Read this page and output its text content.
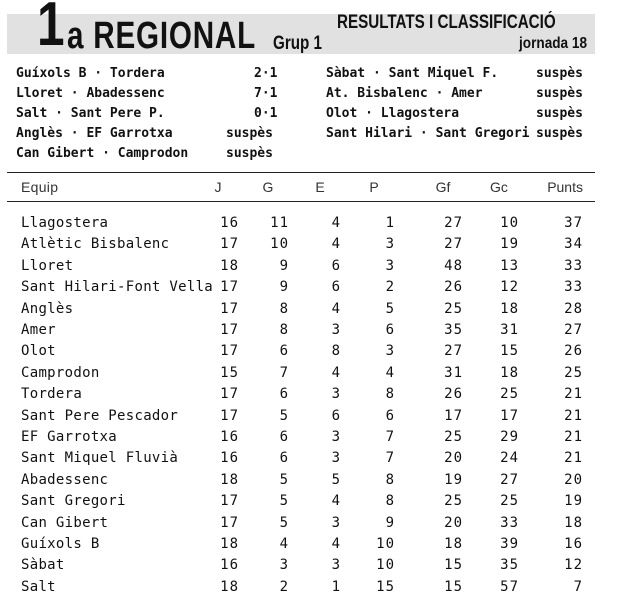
1 a REGIONAL Grup 1
RESULTATS I CLASSIFICACIÓ
jornada 18
Guíxols B · Tordera	2·1
Lloret · Abadessenc	7·1
Salt · Sant Pere P.	0·1
Anglès · EF Garrotxa	suspès
Can Gibert · Camprodon	suspès
Sàbat · Sant Miquel F.	suspès
At. Bisbalenc · Amer	suspès
Olot · Llagostera	suspès
Sant Hilari · Sant Gregori suspès
Equip	J	G	E	P	Gf	Gc	Punts
Llagostera	16	11	4	1	27	10	37
Atlètic Bisbalenc	17	10	4	3	27	19	34
Lloret	18	9	6	3	48	13	33
Sant Hilari-Font Vella 17	9	6	2	26	12	33
Anglès	17	8	4	5	25	18	28
Amer	17	8	3	6	35	31	27
Olot	17	6	8	3	27	15	26
Camprodon	15	7	4	4	31	18	25
Tordera	17	6	3	8	26	25	21
Sant Pere Pescador	17	5	6	6	17	17	21
EF Garrotxa	16	6	3	7	25	29	21
Sant Miquel Fluvià	16	6	3	7	20	24	21
Abadessenc	18	5	5	8	19	27	20
Sant Gregori	17	5	4	8	25	25	19
Can Gibert	17	5	3	9	20	33	18
Guíxols B	18	4	4	10	18	39	16
Sàbat	16	3	3	10	15	35	12
Salt	18	2	1	15	15	57	7
